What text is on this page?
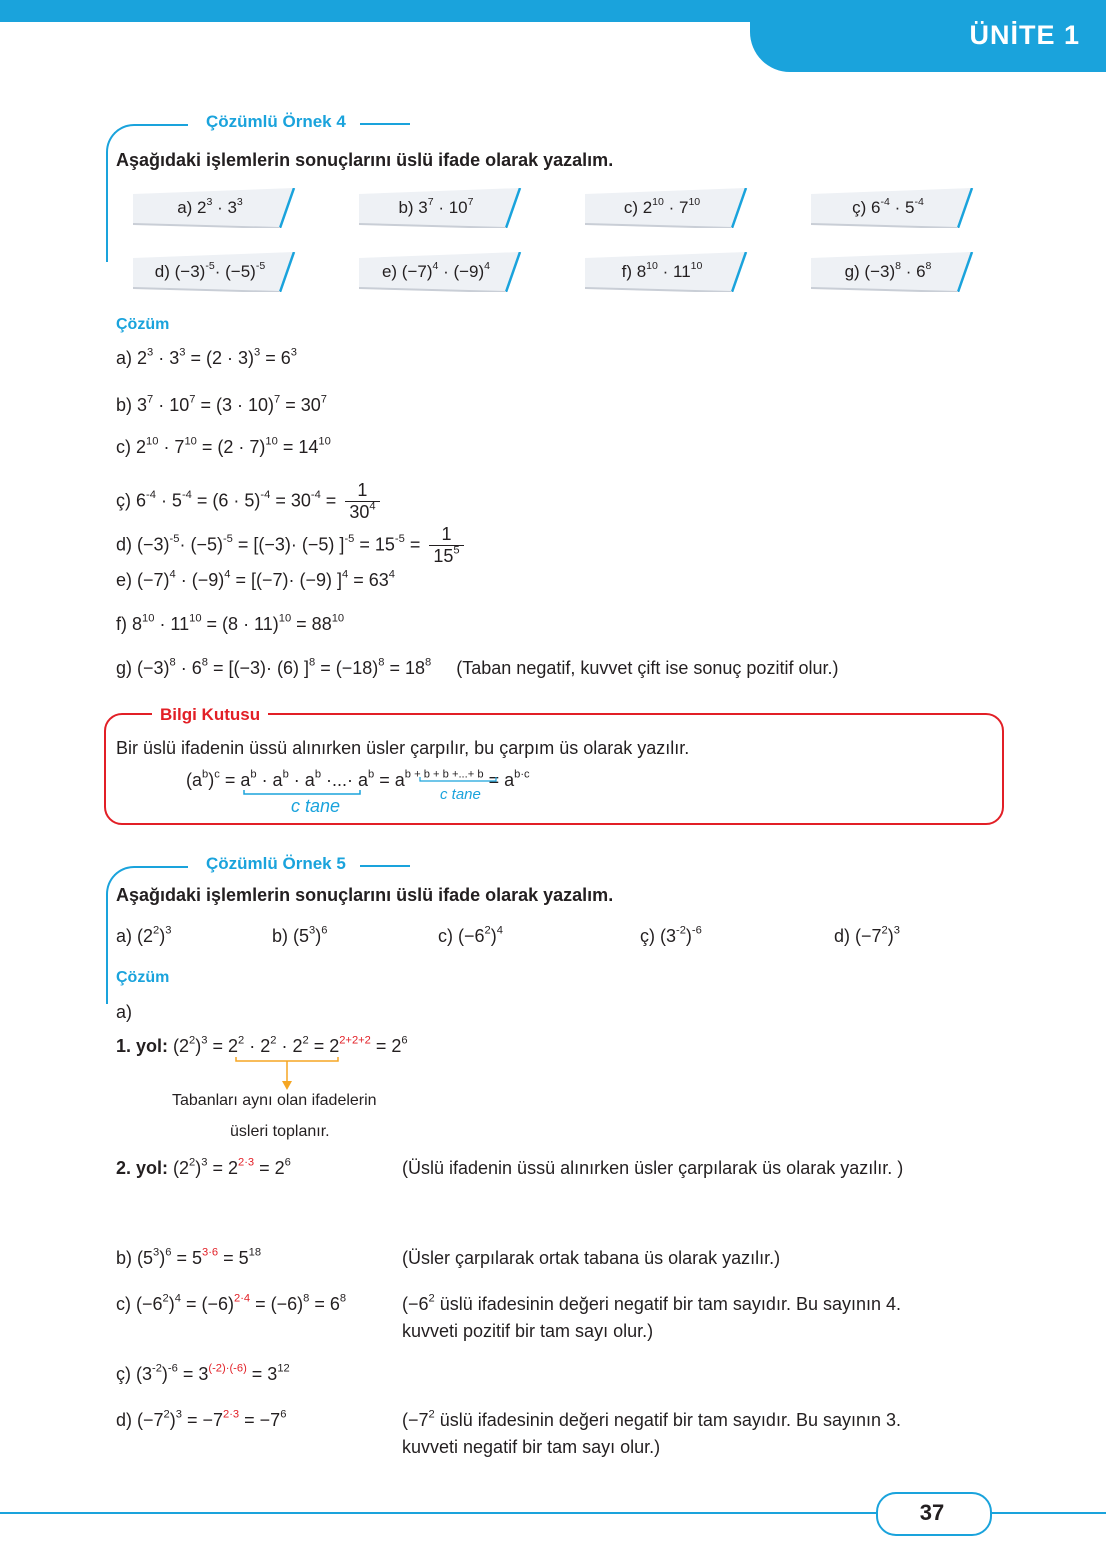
ÜNİTE 1
Çözümlü Örnek 4
Aşağıdaki işlemlerin sonuçlarını üslü ifade olarak yazalım.
a) $2^3 \cdot 3^3$	b) $3^7 \cdot 10^7$	c) $2^{10} \cdot 7^{10}$	ç) $6^{-4} \cdot 5^{-4}$
d) $(-3)^{-5}\cdot (-5)^{-5}$	e) $(-7)^4 \cdot (-9)^4$	f) $8^{10} \cdot 11^{10}$	g) $(-3)^8 \cdot 6^8$
Çözüm
a) $2^3 \cdot 3^3 = (2 \cdot 3)^3 = 6^3$
b) $3^7 \cdot 10^7 = (3 \cdot 10)^7 = 30^7$
c) $2^{10} \cdot 7^{10} = (2 \cdot 7)^{10} = 14^{10}$
ç) $6^{-4} \cdot 5^{-4} = (6 \cdot 5)^{-4} = 30^{-4} = \frac{1}{30^4}$
d) $(-3)^{-5}\cdot (-5)^{-5} = [(-3)\cdot (-5) ]^{-5} = 15^{-5} = \frac{1}{15^5}$
e) $(-7)^4 \cdot (-9)^4 = [(-7)\cdot (-9) ]^4 = 63^4$
f) $8^{10} \cdot 11^{10} = (8 \cdot 11)^{10} = 88^{10}$
g) $(-3)^8 \cdot 6^8 = [(-3)\cdot (6) ]^8 = (-18)^8 = 18^8$     (Taban negatif, kuvvet çift ise sonuç pozitif olur.)
Bilgi Kutusu
Bir üslü ifadenin üssü alınırken üsler çarpılır, bu çarpım üs olarak yazılır.
$(a^b)^c = a^b \cdot a^b \cdot a^b$ ·...· $a^b = a^{b + b + b +...+ b} = a^{b\cdot c}$
c tane
c tane
Çözümlü Örnek 5
Aşağıdaki işlemlerin sonuçlarını üslü ifade olarak yazalım.
a) $(2^2)^3$	b) $(5^3)^6$	c) $(-6^2)^4$	ç) $(3^{-2})^{-6}$	d) $(-7^2)^3$
Çözüm
a)
1. yol: $(2^2)^3 = 2^2 \cdot 2^2 \cdot 2^2 = 2^{2+2+2} = 2^6$
Tabanları aynı olan ifadelerin
üsleri toplanır.
2. yol: $(2^2)^3 = 2^{2\cdot 3} = 2^6$	(Üslü ifadenin üssü alınırken üsler çarpılarak üs olarak yazılır. )
b) $(5^3)^6 = 5^{3\cdot 6} = 5^{18}$	(Üsler çarpılarak ortak tabana üs olarak yazılır.)
c) $(-6^2)^4 = (-6)^{2\cdot 4} = (-6)^8 = 6^8$	($-6^2$ üslü ifadesinin değeri negatif bir tam sayıdır. Bu sayının 4.
kuvveti pozitif bir tam sayı olur.)
ç) $(3^{-2})^{-6} = 3^{(-2)\cdot(-6)} = 3^{12}$
d) $(-7^2)^3 = -7^{2\cdot 3} = -7^6$	($-7^2$ üslü ifadesinin değeri negatif bir tam sayıdır. Bu sayının 3.
kuvveti negatif bir tam sayı olur.)
37
